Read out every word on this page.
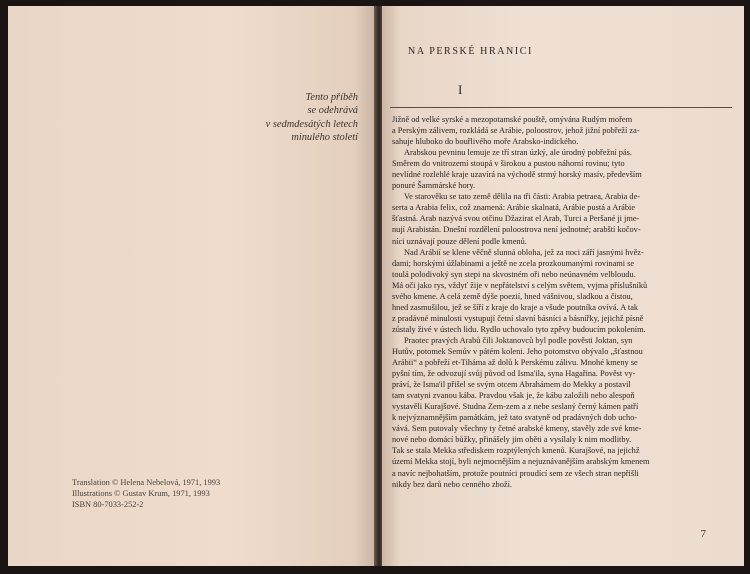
Tento příběh
se odehrává
v sedmdesátých letech
minulého století
Translation © Helena Nebelová, 1971, 1993
Illustrations © Gustav Krum, 1971, 1993
ISBN 80-7033-252-2
NA PERSKÉ HRANICI
I
Jižně od velké syrské a mezopotamské pouště, omývána Rudým mořem
a Perským zálivem, rozkládá se Arábie, poloostrov, jehož jižní pobřeží za-
sahuje hluboko do bouřlivého moře Arabsko-indického.
Arabskou pevninu lemuje ze tří stran úzký, ale úrodný pobřežní pás.
Směrem do vnitrozemí stoupá v širokou a pustou náhorní rovinu; tyto
nevlídné rozlehlé kraje uzavírá na východě strmý horský masív, především
ponuré Šammárské hory.
Ve starověku se tato země dělila na tři části: Arabia petraea, Arabia de-
serta a Arabia felix, což znamená: Arábie skalnatá, Arábie pustá a Arábie
šťastná. Arab nazývá svou otčinu Džazirat el Arab, Turci a Peršané ji jme-
nují Arabistán. Dnešní rozdělení poloostrova není jednotné; arabští kočov-
níci uznávají pouze dělení podle kmenů.
Nad Arábií se klene věčně slunná obloha, jež za noci září jasnými hvěz-
dami; horskými úžlabinami a ještě ne zcela prozkoumanými rovinami se
toulá polodivoký syn stepi na skvostném oři nebo neúnavném velbloudu.
Má oči jako rys, vždyť žije v nepřátelství s celým světem, vyjma příslušníků
svého kmene. A celá země dýše poezií, hned vášnivou, sladkou a čistou,
hned zasmušilou, jež se šíří z kraje do kraje a všude poutníka ovívá. A tak
z pradávné minulosti vystupují četní slavní básníci a básnířky, jejichž písně
zůstaly živé v ústech lidu. Rydlo uchovalo tyto zpěvy budoucím pokolením.
Praotec pravých Arabů čili Joktanovců byl podle pověsti Joktan, syn
Hutův, potomek Semův v pátém koleni. Jeho potomstvo obývalo „šťastnou
Arábii“ a pobřeží et-Tiháma až dolů k Perskému zálivu. Mnohé kmeny se
pyšní tím, že odvozují svůj původ od Isma'ila, syna Hagařina. Pověst vy-
práví, že Isma'il přišel se svým otcem Abrahámem do Mekky a postavil
tam svatyni zvanou kába. Pravdou však je, že kábu založili nebo alespoň
vystavěli Kurajšové. Studna Zem-zem a z nebe seslaný černý kámen patří
k nejvýznamnějším památkám, jež tato svatyně od pradávných dob ucho-
vává. Sem putovaly všechny ty četné arabské kmeny, stavěly zde své kme-
nové nebo domácí bůžky, přinášely jim oběti a vysílaly k nim modlitby.
Tak se stala Mekka střediskem rozptýlených kmenů. Kurajšové, na jejichž
území Mekka stojí, byli nejmocnějším a nejuznávanějším arabským kmenem
a navíc nejbohatším, protože poutníci proudící sem ze všech stran nepřišli
nikdy bez darů nebo cenného zboží.
7
